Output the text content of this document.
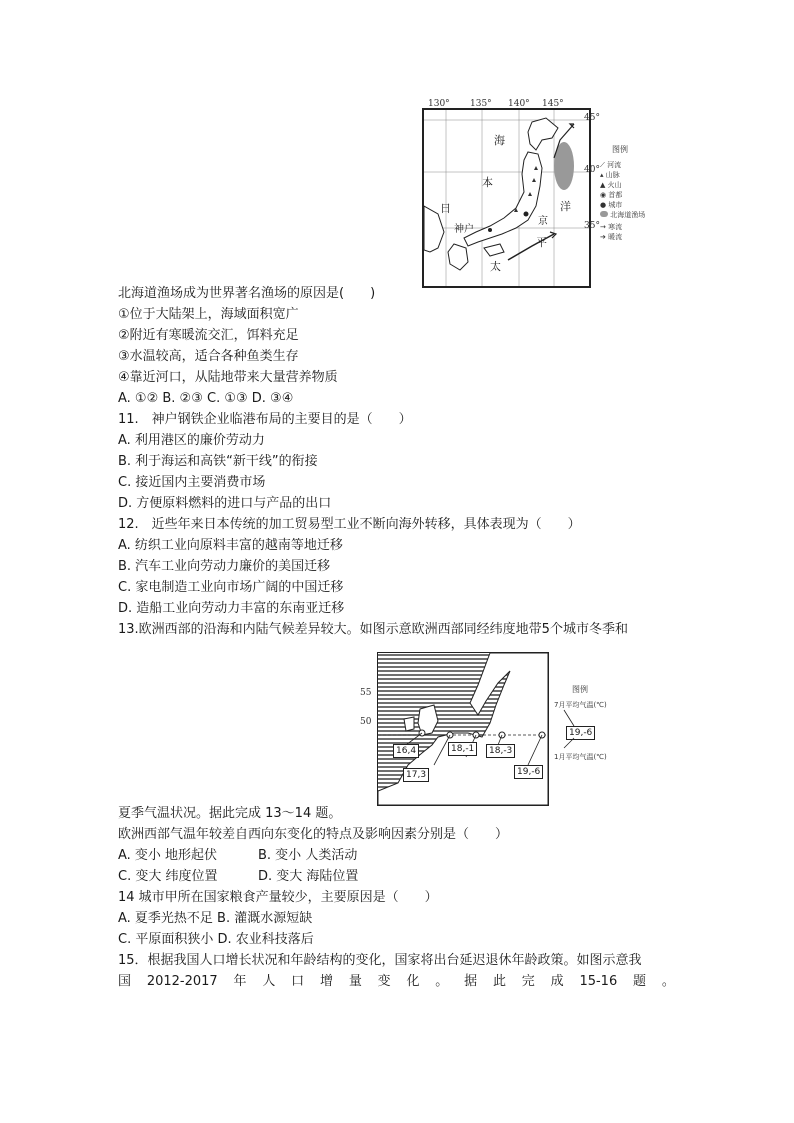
130° 135° 140° 145°
45°
40°
35°
海
本
日
神户
京
洋
平
太
图例
⟋ 河流
▴ 山脉
▲ 火山
◉ 首都
● 城市
北海道渔场
→ 寒流
➔ 暖流
北海道渔场成为世界著名渔场的原因是(　　)
①位于大陆架上，海域面积宽广
②附近有寒暖流交汇，饵料充足
③水温较高，适合各种鱼类生存
④靠近河口，从陆地带来大量营养物质
A. ①② B. ②③ C. ①③ D. ③④
11.　神户钢铁企业临港布局的主要目的是（　　）
A. 利用港区的廉价劳动力
B. 利于海运和高铁“新干线”的衔接
C. 接近国内主要消费市场
D. 方便原料燃料的进口与产品的出口
12.　近些年来日本传统的加工贸易型工业不断向海外转移，具体表现为（　　）
A. 纺织工业向原料丰富的越南等地迁移
B. 汽车工业向劳动力廉价的美国迁移
C. 家电制造工业向市场广阔的中国迁移
D. 造船工业向劳动力丰富的东南亚迁移
13.欧洲西部的沿海和内陆气候差异较大。如图示意欧洲西部同经纬度地带5个城市冬季和
55
50
16,4
17,3
18,-1	18,-3
19,-6
图例
7月平均气温(℃)
19,-6
1月平均气温(℃)
夏季气温状况。据此完成 13～14 题。
欧洲西部气温年较差自西向东变化的特点及影响因素分别是（　　）
A. 变小 地形起伏	B. 变小 人类活动
C. 变大 纬度位置	D. 变大 海陆位置
14 城市甲所在国家粮食产量较少，主要原因是（　　）
A. 夏季光热不足 B. 灌溉水源短缺
C. 平原面积狭小 D. 农业科技落后
15．根据我国人口增长状况和年龄结构的变化，国家将出台延迟退休年龄政策。如图示意我
国 2012-2017 年 人 口 增 量 变 化 。 据 此 完 成 15-16 题 。
